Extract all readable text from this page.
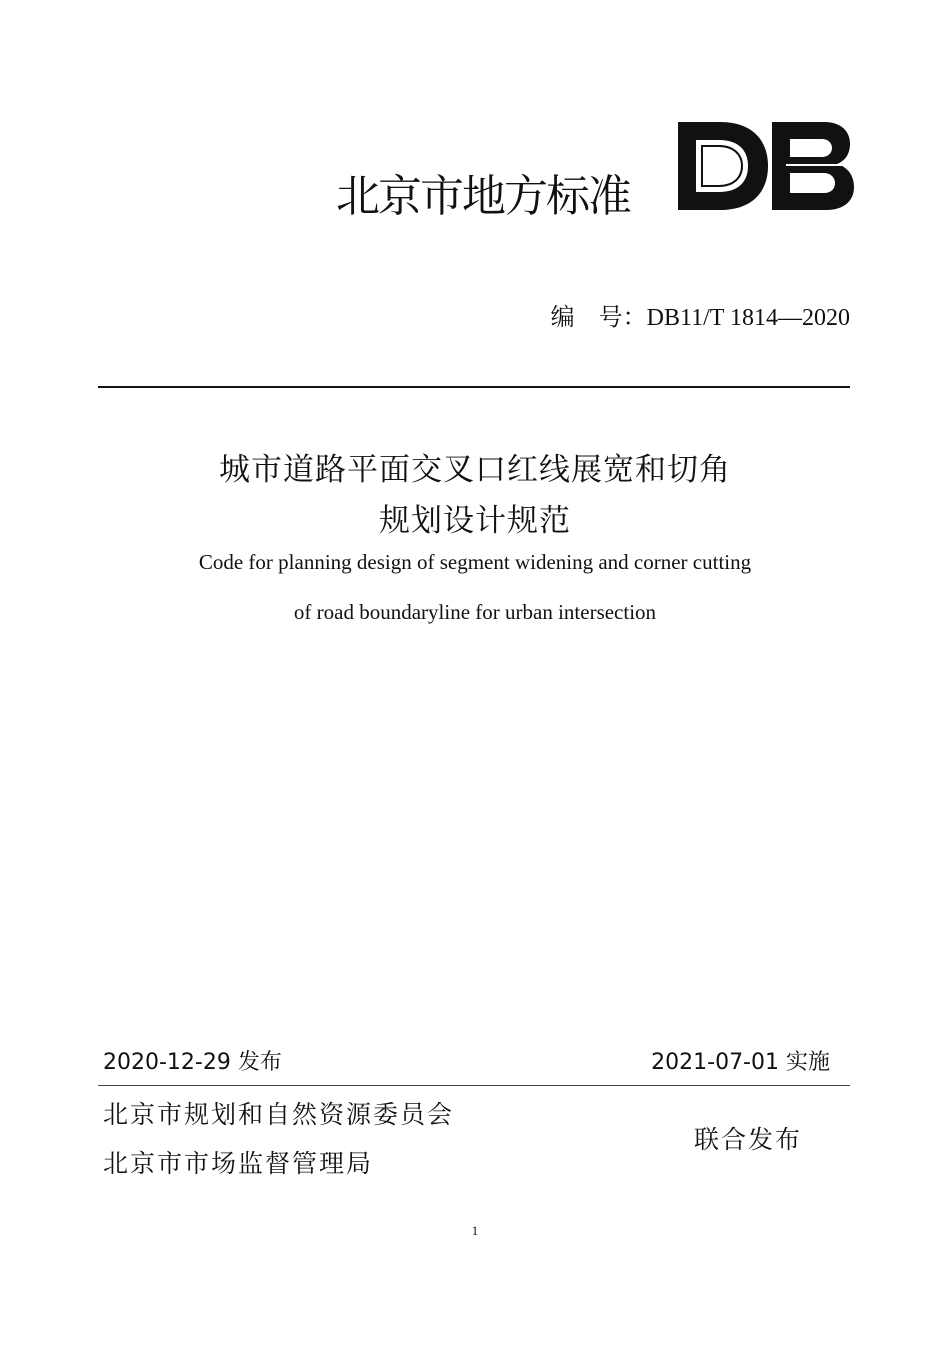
北京市地方标准
编　号：DB11/T 1814—2020
城市道路平面交叉口红线展宽和切角
规划设计规范
Code for planning design of segment widening and corner cutting
of road boundaryline for urban intersection
2020-12-29 发布	2021-07-01 实施
北京市规划和自然资源委员会
北京市市场监督管理局
联合发布
1
